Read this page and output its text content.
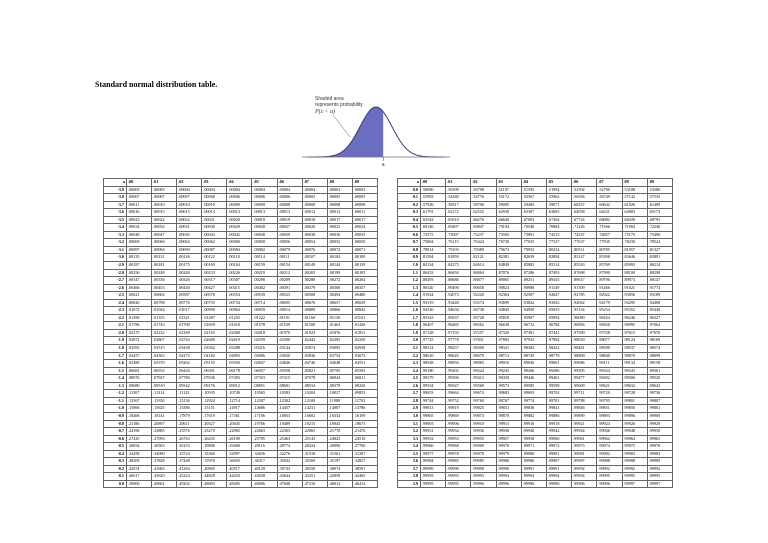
Standard normal distribution table.
Shaded area
represents probability
P(z < a)
a
a	.00	.01	.02	.03	.04	.05	.06	.07	.08	.09
-3.9	.00005	.00005	.00004	.00004	.00004	.00004	.00004	.00004	.00003	.00003
-3.8	.00007	.00007	.00007	.00006	.00006	.00006	.00006	.00005	.00005	.00005
-3.7	.00011	.00010	.00010	.00010	.00009	.00009	.00008	.00008	.00008	.00008
-3.6	.00016	.00015	.00015	.00014	.00014	.00013	.00013	.00012	.00012	.00011
-3.5	.00023	.00022	.00022	.00021	.00020	.00019	.00019	.00018	.00017	.00017
-3.4	.00034	.00032	.00031	.00030	.00029	.00028	.00027	.00026	.00025	.00024
-3.3	.00048	.00047	.00045	.00043	.00042	.00040	.00039	.00038	.00036	.00035
-3.2	.00069	.00066	.00064	.00062	.00060	.00058	.00056	.00054	.00052	.00050
-3.1	.00097	.00094	.00090	.00087	.00084	.00082	.00079	.00076	.00074	.00071
-3.0	.00135	.00131	.00126	.00122	.00118	.00114	.00111	.00107	.00104	.00100
-2.9	.00187	.00181	.00175	.00169	.00164	.00159	.00154	.00149	.00144	.00139
-2.8	.00256	.00248	.00240	.00233	.00226	.00219	.00212	.00205	.00199	.00193
-2.7	.00347	.00336	.00326	.00317	.00307	.00298	.00289	.00280	.00272	.00264
-2.6	.00466	.00453	.00440	.00427	.00415	.00402	.00391	.00379	.00368	.00357
-2.5	.00621	.00604	.00587	.00570	.00554	.00539	.00523	.00508	.00494	.00480
-2.4	.00820	.00798	.00776	.00755	.00734	.00714	.00695	.00676	.00657	.00639
-2.3	.01072	.01044	.01017	.00990	.00964	.00939	.00914	.00889	.00866	.00842
-2.2	.01390	.01355	.01321	.01287	.01255	.01222	.01191	.01160	.01130	.01101
-2.1	.01786	.01743	.01700	.01659	.01618	.01578	.01539	.01500	.01463	.01426
-2.0	.02275	.02222	.02169	.02118	.02068	.02018	.01970	.01923	.01876	.01831
-1.9	.02872	.02807	.02743	.02680	.02619	.02559	.02500	.02442	.02385	.02330
-1.8	.03593	.03515	.03438	.03362	.03288	.03216	.03144	.03074	.03005	.02938
-1.7	.04457	.04363	.04272	.04182	.04093	.04006	.03920	.03836	.03754	.03673
-1.6	.05480	.05370	.05262	.05155	.05050	.04947	.04846	.04746	.04648	.04551
-1.5	.06681	.06552	.06426	.06301	.06178	.06057	.05938	.05821	.05705	.05592
-1.4	.08076	.07927	.07780	.07636	.07493	.07353	.07215	.07078	.06944	.06811
-1.3	.09680	.09510	.09342	.09176	.09012	.08851	.08691	.08534	.08379	.08226
-1.2	.11507	.11314	.11123	.10935	.10749	.10565	.10383	.10204	.10027	.09853
-1.1	.13567	.13350	.13136	.12924	.12714	.12507	.12302	.12100	.11900	.11702
-1.0	.15866	.15625	.15386	.15151	.14917	.14686	.14457	.14231	.14007	.13786
-0.9	.18406	.18141	.17879	.17619	.17361	.17106	.16853	.16602	.16354	.16109
-0.8	.21186	.20897	.20611	.20327	.20045	.19766	.19489	.19215	.18943	.18673
-0.7	.24196	.23885	.23576	.23270	.22965	.22663	.22363	.22065	.21770	.21476
-0.6	.27425	.27093	.26763	.26435	.26109	.25785	.25463	.25143	.24825	.24510
-0.5	.30854	.30503	.30153	.29806	.29460	.29116	.28774	.28434	.28096	.27760
-0.4	.34458	.34090	.33724	.33360	.32997	.32636	.32276	.31918	.31561	.31207
-0.3	.38209	.37828	.37448	.37070	.36693	.36317	.35942	.35569	.35197	.34827
-0.2	.42074	.41683	.41294	.40905	.40517	.40129	.39743	.39358	.38974	.38591
-0.1	.46017	.45620	.45224	.44828	.44433	.44038	.43644	.43251	.42858	.42465
0.0	.50000	.49601	.49202	.48803	.48405	.48006	.47608	.47210	.46812	.46414
a	.00	.01	.02	.03	.04	.05	.06	.07	.08	.09
0.0	.50000	.50399	.50798	.51197	.51595	.51994	.52392	.52790	.53188	.53586
0.1	.53983	.54380	.54776	.55172	.55567	.55962	.56356	.56749	.57142	.57535
0.2	.57926	.58317	.58706	.59095	.59483	.59871	.60257	.60642	.61026	.61409
0.3	.61791	.62172	.62552	.62930	.63307	.63683	.64058	.64431	.64803	.65173
0.4	.65542	.65910	.66276	.66640	.67003	.67364	.67724	.68082	.68439	.68793
0.5	.69146	.69497	.69847	.70194	.70540	.70884	.71226	.71566	.71904	.72240
0.6	.72575	.72907	.73237	.73565	.73891	.74215	.74537	.74857	.75175	.75490
0.7	.75804	.76115	.76424	.76730	.77035	.77337	.77637	.77935	.78230	.78524
0.8	.78814	.79103	.79389	.79673	.79955	.80234	.80511	.80785	.81057	.81327
0.9	.81594	.81859	.82121	.82381	.82639	.82894	.83147	.83398	.83646	.83891
1.0	.84134	.84375	.84614	.84849	.85083	.85314	.85543	.85769	.85993	.86214
1.1	.86433	.86650	.86864	.87076	.87286	.87493	.87698	.87900	.88100	.88298
1.2	.88493	.88686	.88877	.89065	.89251	.89435	.89617	.89796	.89973	.90147
1.3	.90320	.90490	.90658	.90824	.90988	.91149	.91309	.91466	.91621	.91774
1.4	.91924	.92073	.92220	.92364	.92507	.92647	.92785	.92922	.93056	.93189
1.5	.93319	.93448	.93574	.93699	.93822	.93943	.94062	.94179	.94295	.94408
1.6	.94520	.94630	.94738	.94845	.94950	.95053	.95154	.95254	.95352	.95449
1.7	.95543	.95637	.95728	.95818	.95907	.95994	.96080	.96164	.96246	.96327
1.8	.96407	.96485	.96562	.96638	.96712	.96784	.96856	.96926	.96995	.97062
1.9	.97128	.97193	.97257	.97320	.97381	.97441	.97500	.97558	.97615	.97670
2.0	.97725	.97778	.97831	.97882	.97932	.97982	.98030	.98077	.98124	.98169
2.1	.98214	.98257	.98300	.98341	.98382	.98422	.98461	.98500	.98537	.98574
2.2	.98610	.98645	.98679	.98713	.98745	.98778	.98809	.98840	.98870	.98899
2.3	.98928	.98956	.98983	.99010	.99036	.99061	.99086	.99111	.99134	.99158
2.4	.99180	.99202	.99224	.99245	.99266	.99286	.99305	.99324	.99343	.99361
2.5	.99379	.99396	.99413	.99430	.99446	.99461	.99477	.99492	.99506	.99520
2.6	.99534	.99547	.99560	.99573	.99585	.99598	.99609	.99621	.99632	.99643
2.7	.99653	.99664	.99674	.99683	.99693	.99702	.99711	.99720	.99728	.99736
2.8	.99744	.99752	.99760	.99767	.99774	.99781	.99788	.99795	.99801	.99807
2.9	.99813	.99819	.99825	.99831	.99836	.99841	.99846	.99851	.99856	.99861
3.0	.99865	.99869	.99874	.99878	.99882	.99886	.99889	.99893	.99896	.99900
3.1	.99903	.99906	.99910	.99913	.99916	.99918	.99921	.99924	.99926	.99929
3.2	.99931	.99934	.99936	.99938	.99940	.99942	.99944	.99946	.99948	.99950
3.3	.99952	.99953	.99955	.99957	.99958	.99960	.99961	.99962	.99964	.99965
3.4	.99966	.99968	.99969	.99970	.99971	.99972	.99973	.99974	.99975	.99976
3.5	.99977	.99978	.99978	.99979	.99980	.99981	.99981	.99982	.99983	.99983
3.6	.99984	.99985	.99985	.99986	.99986	.99987	.99987	.99988	.99988	.99989
3.7	.99989	.99990	.99990	.99990	.99991	.99991	.99992	.99992	.99992	.99992
3.8	.99993	.99993	.99993	.99994	.99994	.99994	.99994	.99995	.99995	.99995
3.9	.99995	.99995	.99996	.99996	.99996	.99996	.99996	.99996	.99997	.99997
